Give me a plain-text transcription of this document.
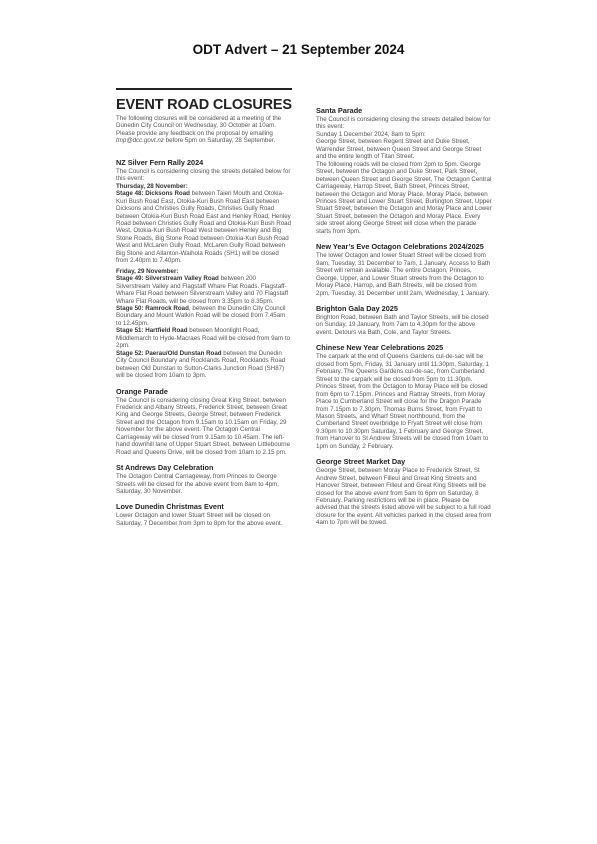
ODT Advert – 21 September 2024
EVENT ROAD CLOSURES

The following closures will be considered at a meeting of the Dunedin City Council on Wednesday, 30 October at 10am. Please provide any feedback on the proposal by emailing tmp@dcc.govt.nz before 5pm on Saturday, 28 September.

NZ Silver Fern Rally 2024

The Council is considering closing the streets detailed below for this event:

Thursday, 28 November:

Stage 48: Dicksons Road between Taieri Mouth and Otokia-Kuri Bush Road East, Otokia-Kuri Bush Road East between Dicksons and Christies Gully Roads, Christies Gully Road between Otokia-Kuri Bush Road East and Henley Road, Henley Road between Christies Gully Road and Otokia-Kuri Bush Road West, Otokia-Kuri Bush Road West between Henley and Big Stone Roads, Big Stone Road between Otokia-Kuri Bush Road West and McLaren Gully Road, McLaren Gully Road between Big Stone and Allanton-Waihola Roads (SH1) will be closed from 2.40pm to 7.40pm.

Friday, 29 November:

Stage 49: Silverstream Valley Road between 200 Silverstream Valley and Flagstaff Whare Flat Roads. Flagstaff-Whare Flat Road between Silverstream Valley and 70 Flagstaff Whare Flat Roads, will be closed from 3.35pm to 8.35pm.

Stage 50: Ramrock Road, between the Dunedin City Council Boundary and Mount Watkin Road will be closed from 7.45am to 12.45pm.

Stage 51: Hartfield Road between Moonlight Road, Middlemarch to Hyde-Macraes Road will be closed from 9am to 2pm.

Stage 52: Paerau/Old Dunstan Road between the Dunedin City Council Boundary and Rocklands Road, Rocklands Road between Old Dunstan to Sutton-Clarks Junction Road (SH87) will be closed from 10am to 3pm.

Orange Parade

The Council is considering closing Great King Street, between Frederick and Albany Streets, Frederick Street, between Great King and George Streets, George Street, between Frederick Street and the Octagon from 9.15am to 10.15am on Friday, 29 November for the above event. The Octagon Central Carriageway will be closed from 9.15am to 10.45am. The left-hand downhill lane of Upper Stuart Street, between Littlebourne Road and Queens Drive, will be closed from 10am to 2.15 pm.

St Andrews Day Celebration

The Octagon Central Carriageway, from Princes to George Streets will be closed for the above event from 8am to 4pm, Saturday, 30 November.

Love Dunedin Christmas Event

Lower Octagon and lower Stuart Street will be closed on Saturday, 7 December from 3pm to 8pm for the above event.

Santa Parade

The Council is considering closing the streets detailed below for this event:

Sunday 1 December 2024, 8am to 5pm:

George Street, between Regent Street and Duke Street, Warrender Street, between Queen Street and George Street and the entire length of Titan Street.

The following roads will be closed from 2pm to 5pm. George Street, between the Octagon and Duke Street, Park Street, between Queen Street and George Street, The Octagon Central Carriageway, Harrop Street, Bath Street, Princes Street, between the Octagon and Moray Place, Moray Place, between Princes Street and Lower Stuart Street, Burlington Street, Upper Stuart Street, between the Octagon and Moray Place and Lower Stuart Street, between the Octagon and Moray Place. Every side street along George Street will close when the parade starts from 3pm.

New Year’s Eve Octagon Celebrations 2024/2025

The lower Octagon and lower Stuart Street will be closed from 9am, Tuesday, 31 December to 7am, 1 January. Access to Bath Street will remain available. The entire Octagon, Princes, George, Upper, and Lower Stuart streets from the Octagon to Moray Place, Harrop, and Bath Streets, will be closed from 2pm, Tuesday, 31 December until 2am, Wednesday, 1 January.

Brighton Gala Day 2025

Brighton Road, between Bath and Taylor Streets, will be closed on Sunday, 19 January, from 7am to 4.30pm for the above event. Detours via Bath, Cole, and Taylor Streets.

Chinese New Year Celebrations 2025

The carpark at the end of Queens Gardens cul-de-sac will be closed from 5pm, Friday, 31 January until 11.30pm, Saturday, 1 February. The Queens Gardens cul-de-sac, from Cumberland Street to the carpark will be closed from 5pm to 11.30pm. Princes Street, from the Octagon to Moray Place will be closed from 6pm to 7.15pm. Princes and Rattray Streets, from Moray Place to Cumberland Street will close for the Dragon Parade from 7.15pm to 7.30pm. Thomas Burns Street, from Fryatt to Mason Streets, and Wharf Street northbound, from the Cumberland Street overbridge to Fryatt Street will close from 9.30pm to 10.30pm Saturday, 1 February and George Street, from Hanover to St Andrew Streets will be closed from 10am to 1pm on Sunday, 2 February.

George Street Market Day

George Street, between Moray Place to Frederick Street, St Andrew Street, between Filleul and Great King Streets and Hanover Street, between Filleul and Great King Streets will be closed for the above event from 5am to 6pm on Saturday, 8 February. Parking restrictions will be in place. Please be advised that the streets listed above will be subject to a full road closure for the event. All vehicles parked in the closed area from 4am to 7pm will be towed.
